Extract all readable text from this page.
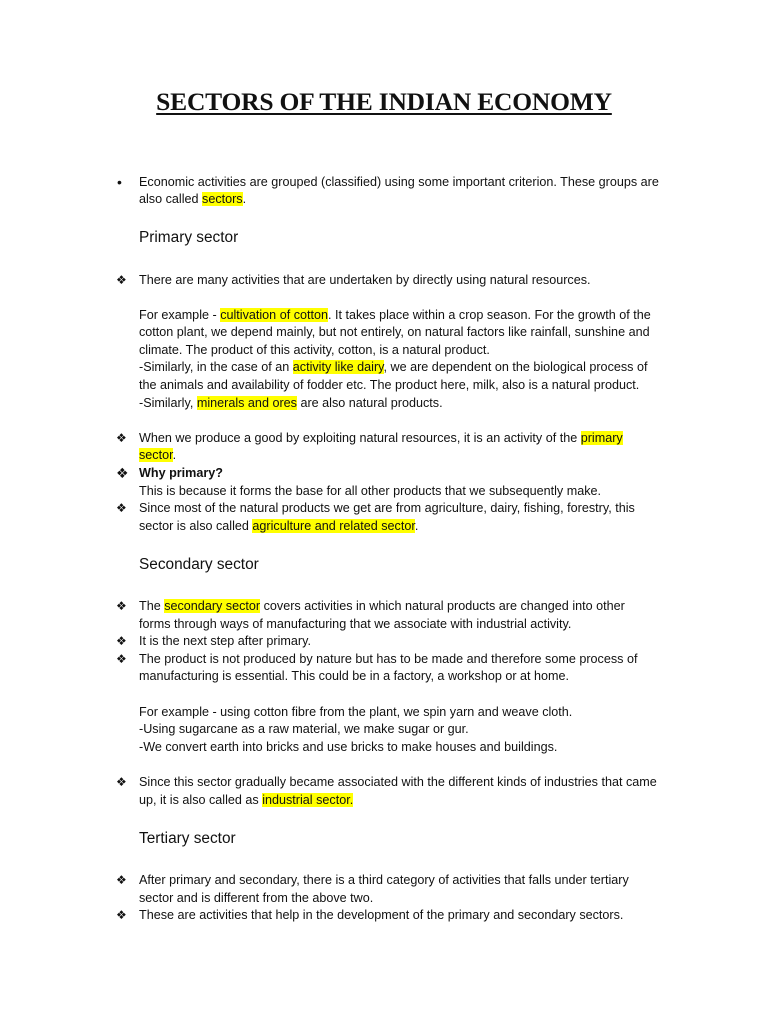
SECTORS OF THE INDIAN ECONOMY
• Economic activities are grouped (classified) using some important criterion. These groups are
also called sectors.
Primary sector
❖ There are many activities that are undertaken by directly using natural resources.
For example - cultivation of cotton. It takes place within a crop season. For the growth of the
cotton plant, we depend mainly, but not entirely, on natural factors like rainfall, sunshine and
climate. The product of this activity, cotton, is a natural product.
-Similarly, in the case of an activity like dairy, we are dependent on the biological process of
the animals and availability of fodder etc. The product here, milk, also is a natural product.
-Similarly, minerals and ores are also natural products.
❖ When we produce a good by exploiting natural resources, it is an activity of the primary
sector.
❖ Why primary?
This is because it forms the base for all other products that we subsequently make.
❖ Since most of the natural products we get are from agriculture, dairy, fishing, forestry, this
sector is also called agriculture and related sector.
Secondary sector
❖ The secondary sector covers activities in which natural products are changed into other
forms through ways of manufacturing that we associate with industrial activity.
❖ It is the next step after primary.
❖ The product is not produced by nature but has to be made and therefore some process of
manufacturing is essential. This could be in a factory, a workshop or at home.
For example - using cotton fibre from the plant, we spin yarn and weave cloth.
-Using sugarcane as a raw material, we make sugar or gur.
-We convert earth into bricks and use bricks to make houses and buildings.
❖ Since this sector gradually became associated with the different kinds of industries that came
up, it is also called as industrial sector.
Tertiary sector
❖ After primary and secondary, there is a third category of activities that falls under tertiary
sector and is different from the above two.
❖ These are activities that help in the development of the primary and secondary sectors.
